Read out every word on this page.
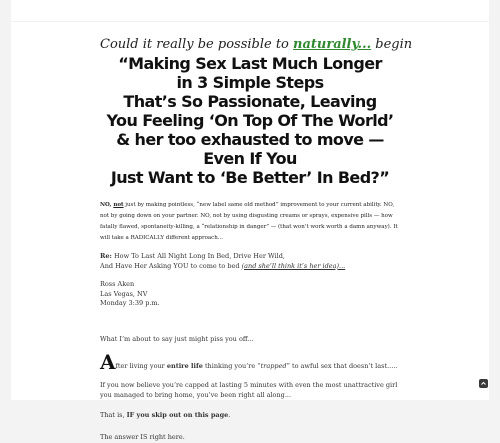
Could it really be possible to naturally... begin

“Making Sex Last Much Longer

in 3 Simple Steps

That’s So Passionate, Leaving

You Feeling ‘On Top Of The World’

& her too exhausted to move —

Even If You

Just Want to ‘Be Better’ In Bed?”

NO, not just by making pointless, “new label same old method” improvement to your current ability. NO, not by going down on your partner. NO, not by using disgusting creams or sprays, expensive pills — how fatally flawed, spontaneity-killing, a “relationship in danger” — (that won’t work worth a damn anyway). It will take a RADICALLY different approach...
Re: How To Last All Night Long In Bed, Drive Her Wild,
And Have Her Asking YOU to come to bed (and she’ll think it’s her idea)...
Ross Aken
Las Vegas, NV
Monday 3:39 p.m.
What I’m about to say just might piss you off...
A fter living your entire life thinking you’re “trapped” to awful sex that doesn’t last.....
If you now believe you’re capped at lasting 5 minutes with even the most unattractive girl you managed to bring home, you’ve been right all along...
That is, IF you skip out on this page.
The answer IS right here.
